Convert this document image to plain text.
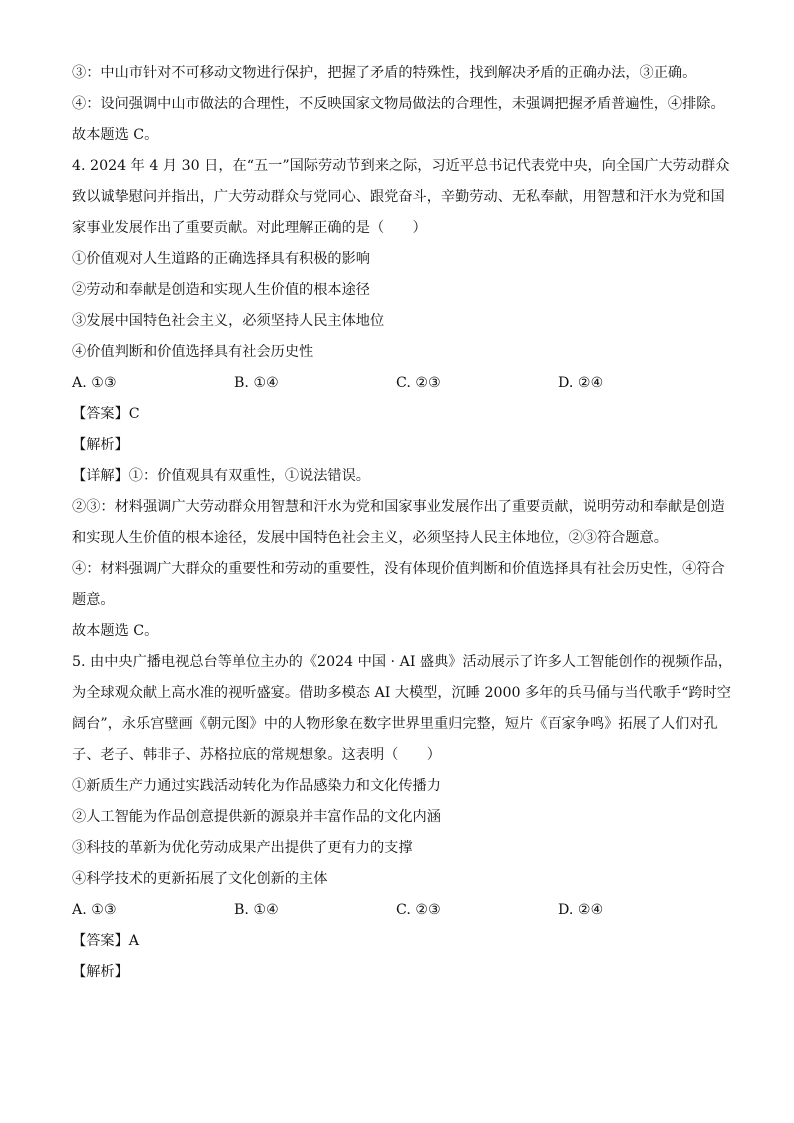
③：中山市针对不可移动文物进行保护，把握了矛盾的特殊性，找到解决矛盾的正确办法，③正确。

④：设问强调中山市做法的合理性，不反映国家文物局做法的合理性，未强调把握矛盾普遍性，④排除。

故本题选 C。

4. 2024 年 4 月 30 日，在“五一”国际劳动节到来之际，习近平总书记代表党中央，向全国广大劳动群众

致以诚挚慰问并指出，广大劳动群众与党同心、跟党奋斗，辛勤劳动、无私奉献，用智慧和汗水为党和国

家事业发展作出了重要贡献。对此理解正确的是（　　）

①价值观对人生道路的正确选择具有积极的影响

②劳动和奉献是创造和实现人生价值的根本途径

③发展中国特色社会主义，必须坚持人民主体地位

④价值判断和价值选择具有社会历史性

A. ①③	B. ①④	C. ②③	D. ②④

【答案】C

【解析】

【详解】①：价值观具有双重性，①说法错误。

②③：材料强调广大劳动群众用智慧和汗水为党和国家事业发展作出了重要贡献，说明劳动和奉献是创造

和实现人生价值的根本途径，发展中国特色社会主义，必须坚持人民主体地位，②③符合题意。

④：材料强调广大群众的重要性和劳动的重要性，没有体现价值判断和价值选择具有社会历史性，④符合

题意。

故本题选 C。

5. 由中央广播电视总台等单位主办的《2024 中国 · AI 盛典》活动展示了许多人工智能创作的视频作品，

为全球观众献上高水准的视听盛宴。借助多模态 AI 大模型，沉睡 2000 多年的兵马俑与当代歌手“跨时空

阔台”，永乐宫壁画《朝元图》中的人物形象在数字世界里重归完整，短片《百家争鸣》拓展了人们对孔

子、老子、韩非子、苏格拉底的常规想象。这表明（　　）

①新质生产力通过实践活动转化为作品感染力和文化传播力

②人工智能为作品创意提供新的源泉并丰富作品的文化内涵

③科技的革新为优化劳动成果产出提供了更有力的支撑

④科学技术的更新拓展了文化创新的主体

A. ①③	B. ①④	C. ②③	D. ②④

【答案】A

【解析】
